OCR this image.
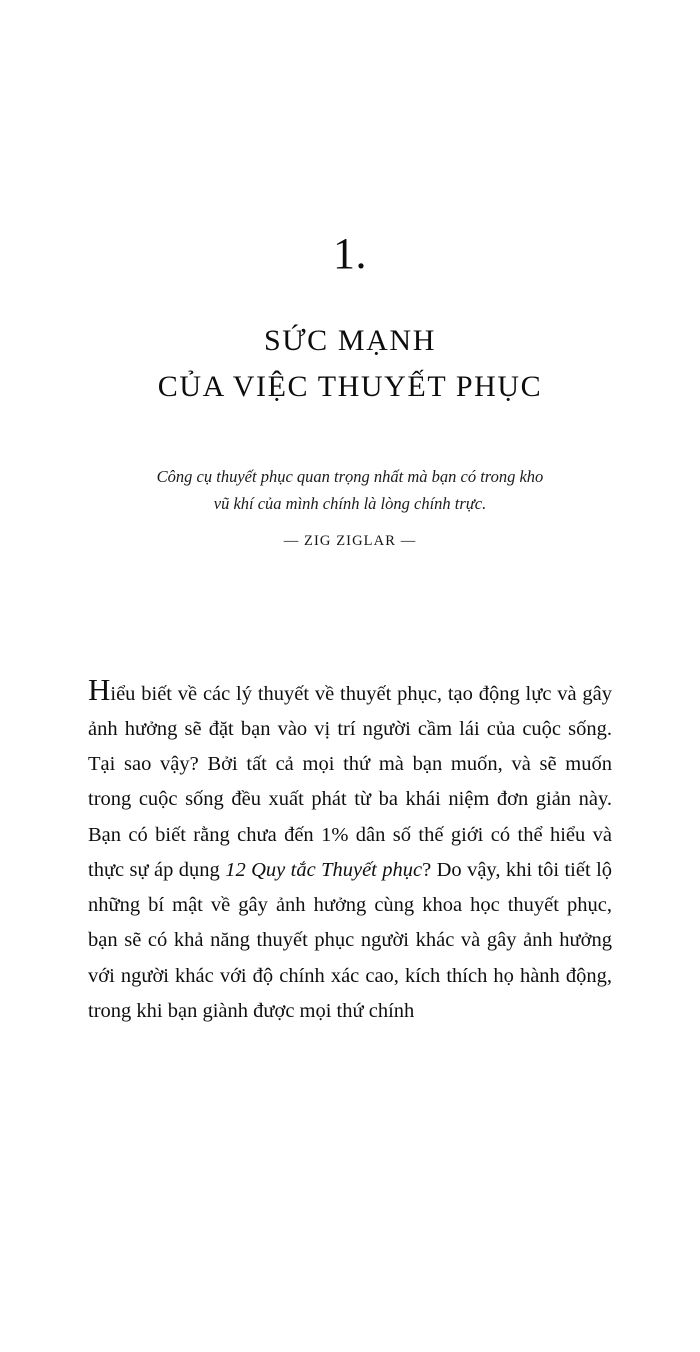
1.
SỨC MẠNH
CỦA VIỆC THUYẾT PHỤC
Công cụ thuyết phục quan trọng nhất mà bạn có trong kho
vũ khí của mình chính là lòng chính trực.
— ZIG ZIGLAR —
Hiểu biết về các lý thuyết về thuyết phục, tạo động lực và gây ảnh hưởng sẽ đặt bạn vào vị trí người cầm lái của cuộc sống. Tại sao vậy? Bởi tất cả mọi thứ mà bạn muốn, và sẽ muốn trong cuộc sống đều xuất phát từ ba khái niệm đơn giản này. Bạn có biết rằng chưa đến 1% dân số thế giới có thể hiểu và thực sự áp dụng 12 Quy tắc Thuyết phục? Do vậy, khi tôi tiết lộ những bí mật về gây ảnh hưởng cùng khoa học thuyết phục, bạn sẽ có khả năng thuyết phục người khác và gây ảnh hưởng với người khác với độ chính xác cao, kích thích họ hành động, trong khi bạn giành được mọi thứ chính
